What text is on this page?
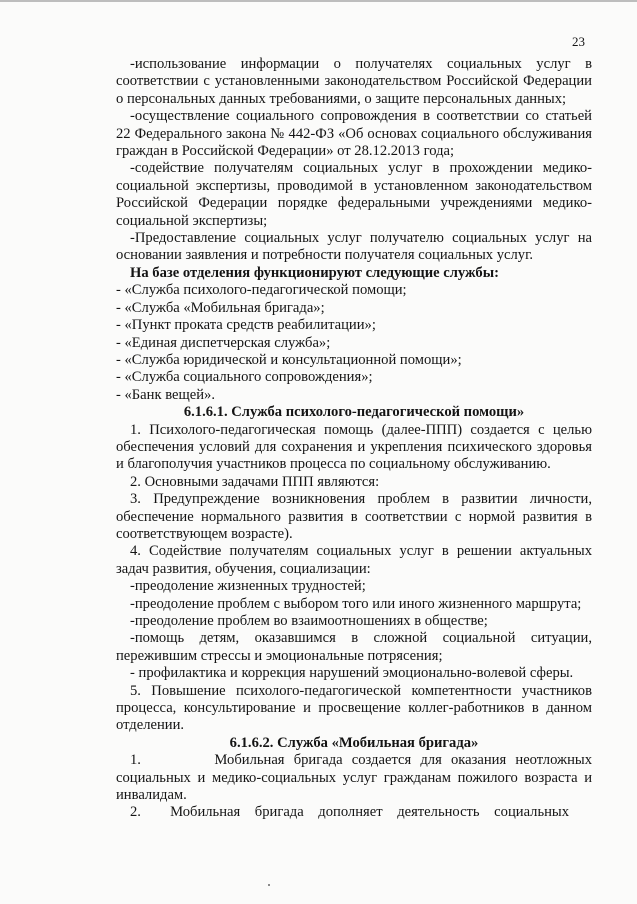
23

-использование информации о получателях социальных услуг в соответствии с установленными законодательством Российской Федерации о персональных данных требованиями, о защите персональных данных;

-осуществление социального сопровождения в соответствии со статьей 22 Федерального закона № 442-ФЗ «Об основах социального обслуживания граждан в Российской Федерации» от 28.12.2013 года;

-содействие получателям социальных услуг в прохождении медико-социальной экспертизы, проводимой в установленном законодательством Российской Федерации порядке федеральными учреждениями медико-социальной экспертизы;

-Предоставление социальных услуг получателю социальных услуг на основании заявления и потребности получателя социальных услуг.

На базе отделения функционируют следующие службы:

- «Служба психолого-педагогической помощи;

- «Служба «Мобильная бригада»;

- «Пункт проката средств реабилитации»;

- «Единая диспетчерская служба»;

- «Служба юридической и консультационной помощи»;

- «Служба социального сопровождения»;

- «Банк вещей».

6.1.6.1. Служба психолого-педагогической помощи»

1. Психолого-педагогическая помощь (далее-ППП) создается с целью обеспечения условий для сохранения и укрепления психического здоровья и благополучия участников процесса по социальному обслуживанию.

2. Основными задачами ППП являются:

3. Предупреждение возникновения проблем в развитии личности, обеспечение нормального развития в соответствии с нормой развития в соответствующем возрасте).

4. Содействие получателям социальных услуг в решении актуальных задач развития, обучения, социализации:

-преодоление жизненных трудностей;

-преодоление проблем с выбором того или иного жизненного маршрута;

-преодоление проблем во взаимоотношениях в обществе;

-помощь детям, оказавшимся в сложной социальной ситуации, пережившим стрессы и эмоциональные потрясения;

- профилактика и коррекция нарушений эмоционально-волевой сферы.

5. Повышение психолого-педагогической компетентности участников процесса, консультирование и просвещение коллег-работников в данном отделении.

6.1.6.2. Служба «Мобильная бригада»

1.        Мобильная бригада создается для оказания неотложных социальных и медико-социальных услуг гражданам пожилого возраста и инвалидам.

2.        Мобильная    бригада    дополняет    деятельность    социальных
